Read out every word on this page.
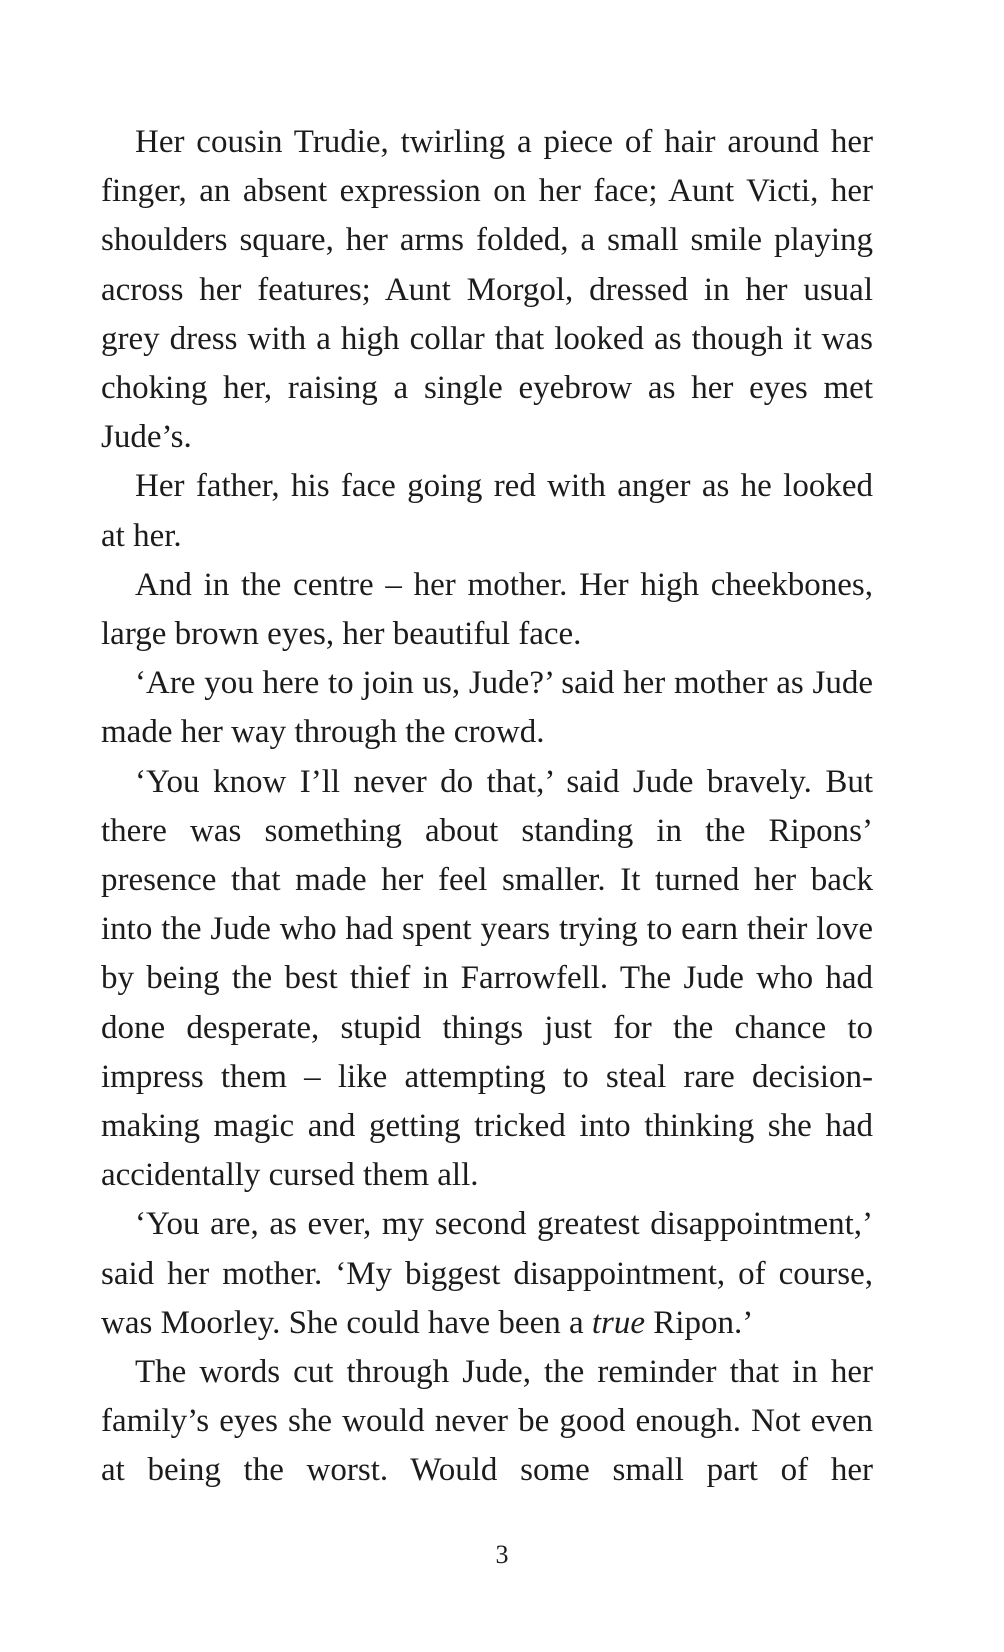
Her cousin Trudie, twirling a piece of hair around her finger, an absent expression on her face; Aunt Victi, her shoulders square, her arms folded, a small smile playing across her features; Aunt Morgol, dressed in her usual grey dress with a high collar that looked as though it was choking her, raising a single eyebrow as her eyes met Jude’s.

Her father, his face going red with anger as he looked at her.

And in the centre – her mother. Her high cheekbones, large brown eyes, her beautiful face.

‘Are you here to join us, Jude?’ said her mother as Jude made her way through the crowd.

‘You know I’ll never do that,’ said Jude bravely. But there was something about standing in the Ripons’ presence that made her feel smaller. It turned her back into the Jude who had spent years trying to earn their love by being the best thief in Farrowfell. The Jude who had done desperate, stupid things just for the chance to impress them – like attempting to steal rare decision-making magic and getting tricked into thinking she had accidentally cursed them all.

‘You are, as ever, my second greatest disappointment,’ said her mother. ‘My biggest disappointment, of course, was Moorley. She could have been a true Ripon.’

The words cut through Jude, the reminder that in her family’s eyes she would never be good enough. Not even at being the worst. Would some small part of her

3
